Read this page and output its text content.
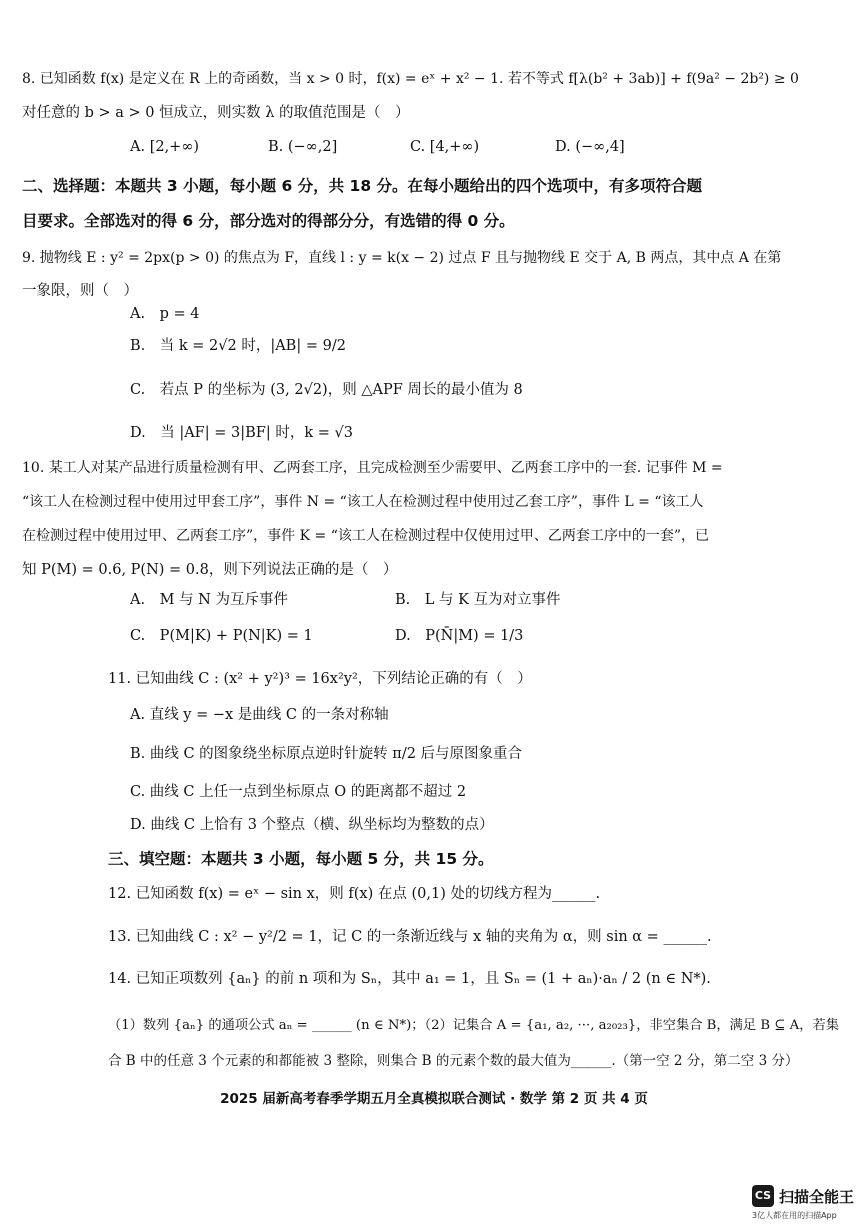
8. 已知函数 f(x) 是定义在 R 上的奇函数，当 x > 0 时，f(x) = eˣ + x² − 1. 若不等式 f[λ(b² + 3ab)] + f(9a² − 2b²) ≥ 0
对任意的 b > a > 0 恒成立，则实数 λ 的取值范围是（　）
A. [2,+∞)	B. (−∞,2]	C. [4,+∞)	D. (−∞,4]
二、选择题：本题共 3 小题，每小题 6 分，共 18 分。在每小题给出的四个选项中，有多项符合题
目要求。全部选对的得 6 分，部分选对的得部分分，有选错的得 0 分。
9. 抛物线 E : y² = 2px(p > 0) 的焦点为 F，直线 l : y = k(x − 2) 过点 F 且与抛物线 E 交于 A, B 两点，其中点 A 在第
一象限，则（　）
A.　p = 4
B.　当 k = 2√2 时，|AB| = 9/2
C.　若点 P 的坐标为 (3, 2√2)，则 △APF 周长的最小值为 8
D.　当 |AF| = 3|BF| 时，k = √3
10. 某工人对某产品进行质量检测有甲、乙两套工序，且完成检测至少需要甲、乙两套工序中的一套. 记事件 M =
“该工人在检测过程中使用过甲套工序”，事件 N = “该工人在检测过程中使用过乙套工序”，事件 L = “该工人
在检测过程中使用过甲、乙两套工序”，事件 K = “该工人在检测过程中仅使用过甲、乙两套工序中的一套”，已
知 P(M) = 0.6, P(N) = 0.8，则下列说法正确的是（　）
A.　M 与 N 为互斥事件	B.　L 与 K 互为对立事件
C.　P(M|K) + P(N|K) = 1	D.　P(N̄|M) = 1/3
11. 已知曲线 C : (x² + y²)³ = 16x²y²，下列结论正确的有（　）
A. 直线 y = −x 是曲线 C 的一条对称轴
B. 曲线 C 的图象绕坐标原点逆时针旋转 π/2 后与原图象重合
C. 曲线 C 上任一点到坐标原点 O 的距离都不超过 2
D. 曲线 C 上恰有 3 个整点（横、纵坐标均为整数的点）
三、填空题：本题共 3 小题，每小题 5 分，共 15 分。
12. 已知函数 f(x) = eˣ − sin x，则 f(x) 在点 (0,1) 处的切线方程为______.
13. 已知曲线 C : x² − y²/2 = 1，记 C 的一条渐近线与 x 轴的夹角为 α，则 sin α = ______.
14. 已知正项数列 {aₙ} 的前 n 项和为 Sₙ，其中 a₁ = 1，且 Sₙ = (1 + aₙ)·aₙ / 2 (n ∈ N*).
（1）数列 {aₙ} 的通项公式 aₙ = ______ (n ∈ N*)；（2）记集合 A = {a₁, a₂, ···, a₂₀₂₃}，非空集合 B，满足 B ⊆ A，若集
合 B 中的任意 3 个元素的和都能被 3 整除，则集合 B 的元素个数的最大值为______.（第一空 2 分，第二空 3 分）
2025 届新高考春季学期五月全真模拟联合测试 · 数学 第 2 页 共 4 页
CS 扫描全能王
3亿人都在用的扫描App
